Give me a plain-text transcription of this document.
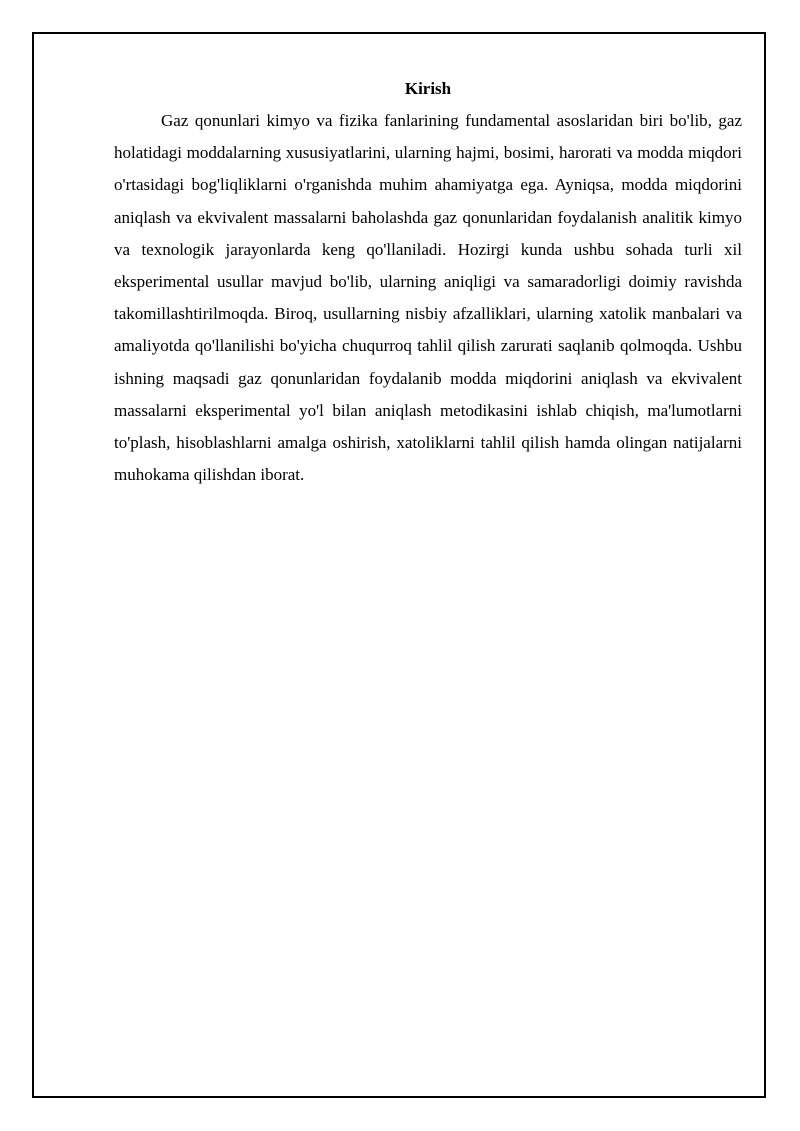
Kirish

Gaz qonunlari kimyo va fizika fanlarining fundamental asoslaridan biri bo'lib, gaz holatidagi moddalarning xususiyatlarini, ularning hajmi, bosimi, harorati va modda miqdori o'rtasidagi bog'liqliklarni o'rganishda muhim ahamiyatga ega. Ayniqsa, modda miqdorini aniqlash va ekvivalent massalarni baholashda gaz qonunlaridan foydalanish analitik kimyo va texnologik jarayonlarda keng qo'llaniladi. Hozirgi kunda ushbu sohada turli xil eksperimental usullar mavjud bo'lib, ularning aniqligi va samaradorligi doimiy ravishda takomillashtirilmoqda. Biroq, usullarning nisbiy afzalliklari, ularning xatolik manbalari va amaliyotda qo'llanilishi bo'yicha chuqurroq tahlil qilish zarurati saqlanib qolmoqda. Ushbu ishning maqsadi gaz qonunlaridan foydalanib modda miqdorini aniqlash va ekvivalent massalarni eksperimental yo'l bilan aniqlash metodikasini ishlab chiqish, ma'lumotlarni to'plash, hisoblashlarni amalga oshirish, xatoliklarni tahlil qilish hamda olingan natijalarni muhokama qilishdan iborat.
